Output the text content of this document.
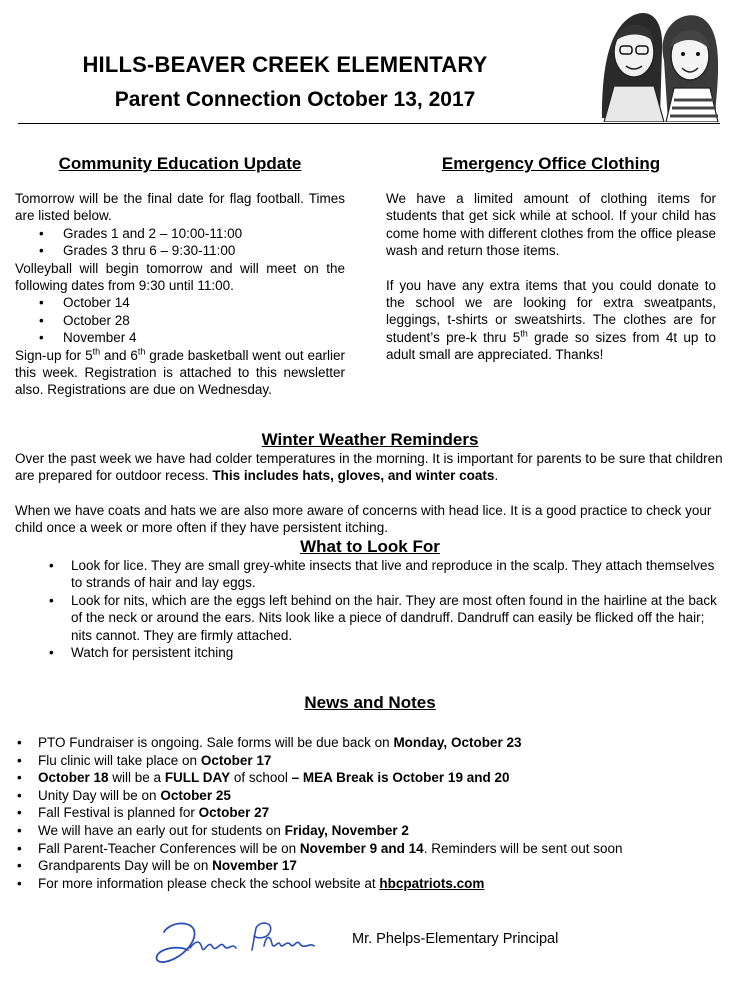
HILLS-BEAVER CREEK ELEMENTARY
Parent Connection October 13, 2017
Community Education Update

Tomorrow will be the final date for flag football. Times are listed below.

• Grades 1 and 2 – 10:00-11:00
• Grades 3 thru 6 – 9:30-11:00

Volleyball will begin tomorrow and will meet on the following dates from 9:30 until 11:00.

• October 14
• October 28
• November 4

Sign-up for 5th and 6th grade basketball went out earlier this week. Registration is attached to this newsletter also. Registrations are due on Wednesday.

Emergency Office Clothing

We have a limited amount of clothing items for students that get sick while at school. If your child has come home with different clothes from the office please wash and return those items.

If you have any extra items that you could donate to the school we are looking for extra sweatpants, leggings, t-shirts or sweatshirts. The clothes are for student’s pre-k thru 5th grade so sizes from 4t up to adult small are appreciated. Thanks!

Winter Weather Reminders

Over the past week we have had colder temperatures in the morning. It is important for parents to be sure that children are prepared for outdoor recess. This includes hats, gloves, and winter coats.

When we have coats and hats we are also more aware of concerns with head lice. It is a good practice to check your child once a week or more often if they have persistent itching.

What to Look For
• Look for lice. They are small grey-white insects that live and reproduce in the scalp. They attach themselves to strands of hair and lay eggs.
• Look for nits, which are the eggs left behind on the hair. They are most often found in the hairline at the back of the neck or around the ears. Nits look like a piece of dandruff. Dandruff can easily be flicked off the hair; nits cannot. They are firmly attached.
• Watch for persistent itching
News and Notes
• PTO Fundraiser is ongoing. Sale forms will be due back on Monday, October 23
• Flu clinic will take place on October 17
• October 18 will be a FULL DAY of school – MEA Break is October 19 and 20
• Unity Day will be on October 25
• Fall Festival is planned for October 27
• We will have an early out for students on Friday, November 2
• Fall Parent-Teacher Conferences will be on November 9 and 14. Reminders will be sent out soon
• Grandparents Day will be on November 17
• For more information please check the school website at hbcpatriots.com
Mr. Phelps-Elementary Principal
